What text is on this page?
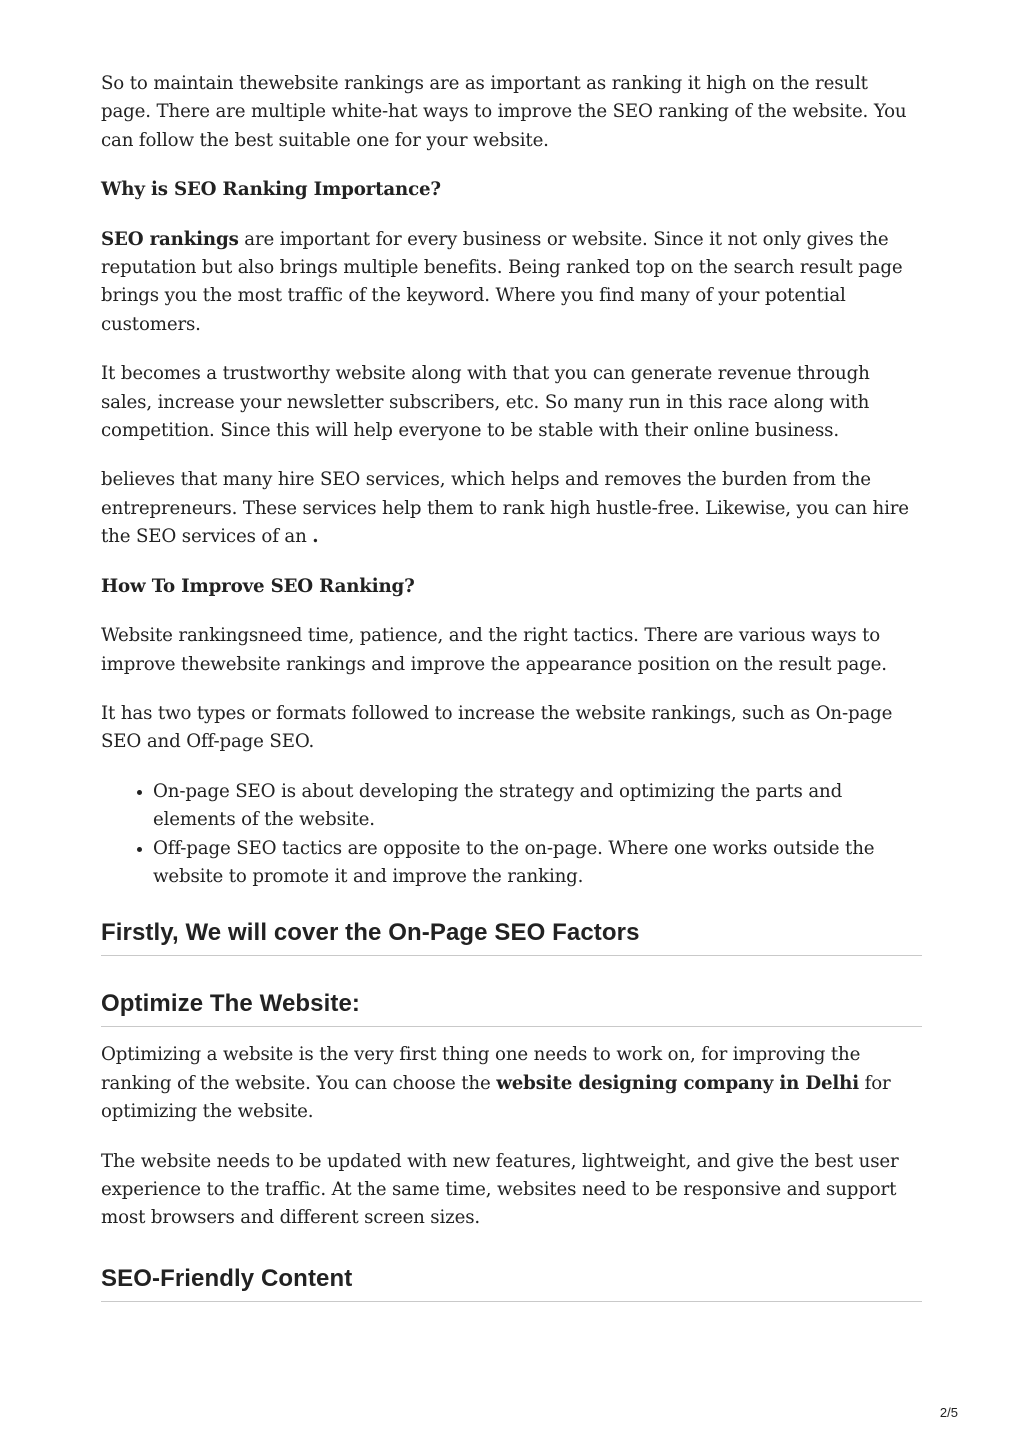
So to maintain thewebsite rankings are as important as ranking it high on the result page. There are multiple white-hat ways to improve the SEO ranking of the website. You can follow the best suitable one for your website.

Why is SEO Ranking Importance?

SEO rankings are important for every business or website. Since it not only gives the reputation but also brings multiple benefits. Being ranked top on the search result page brings you the most traffic of the keyword. Where you find many of your potential customers.

It becomes a trustworthy website along with that you can generate revenue through sales, increase your newsletter subscribers, etc. So many run in this race along with competition. Since this will help everyone to be stable with their online business.

believes that many hire SEO services, which helps and removes the burden from the entrepreneurs. These services help them to rank high hustle-free. Likewise, you can hire the SEO services of an .

How To Improve SEO Ranking?

Website rankingsneed time, patience, and the right tactics. There are various ways to improve thewebsite rankings and improve the appearance position on the result page.

It has two types or formats followed to increase the website rankings, such as On-page SEO and Off-page SEO.

• On-page SEO is about developing the strategy and optimizing the parts and elements of the website.
• Off-page SEO tactics are opposite to the on-page. Where one works outside the website to promote it and improve the ranking.
Firstly, We will cover the On-Page SEO Factors
Optimize The Website:

Optimizing a website is the very first thing one needs to work on, for improving the ranking of the website. You can choose the website designing company in Delhi for optimizing the website.

The website needs to be updated with new features, lightweight, and give the best user experience to the traffic. At the same time, websites need to be responsive and support most browsers and different screen sizes.

SEO-Friendly Content
2/5
